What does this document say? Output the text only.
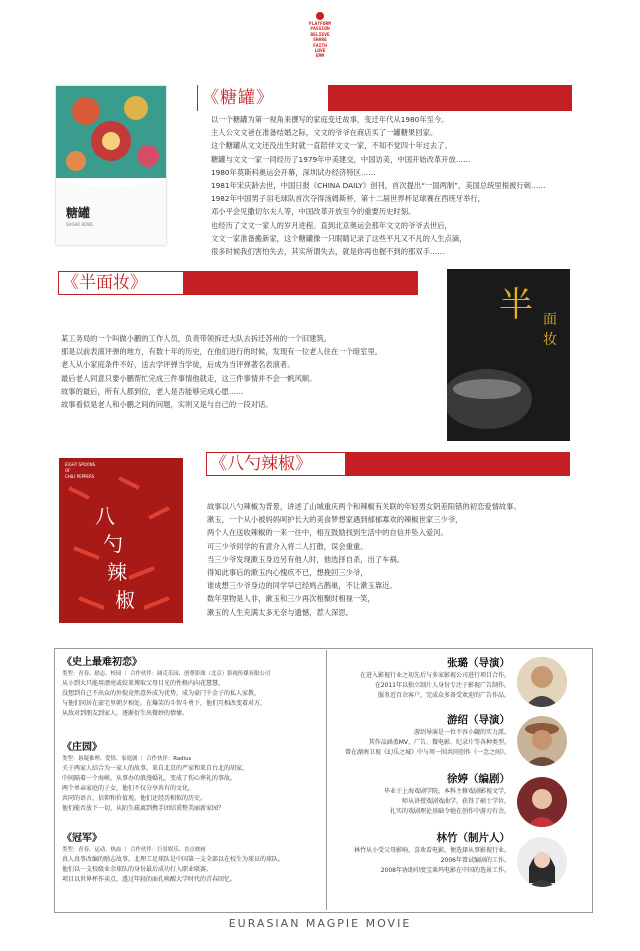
PLATFORM
PASSION
BELIEVE
SHARE
FAITH
LOVE
EMM
糖罐
SUGAR BOWL
《糖罐》
以一个糖罐为第一视角来撰写的家庭变迁故事，变迁年代从1980年至今。
主人公文文爸在准备结婚之际，文文的爷爷在商店买了一罐糖果回家。
这个糖罐从文文还没出生时就一直陪伴文文一家，不知不觉四十年过去了。
糖罐与文文一家一同经历了1979年中美建交，中国访美，中国开始改革开放……
1980年莫斯科奥运会开幕，深圳试办经济特区……
1981年宋庆龄去世，中国日报《CHINA DAILY》创刊，首次提出“一国两制”，美国总统里根被行刺……
1982年中国男子羽毛球队首次夺得汤姆斯杯，第十二届世界杯足球赛在西班牙举行，
邓小平会见撒切尔夫人等，中国改革开放至今的重要历史时刻。
也经历了文文一家人的岁月进程。直到北京奥运会那年文文的爷爷去世后，
文文一家准备搬新家，这个糖罐像一只眼睛记录了这些平凡又不凡的人生点滴，
很多时候我们害怕失去，其实所谓失去，就是你再也握不到的那双手……
《半面妆》
半 面
妆
某工务局的一个叫做小鹏的工作人员，负责带领拆迁大队去拆迁苏州的一个旧建筑。
那是以前表演评弹的地方，有数十年的历史，在他们进行的时候，发现有一位老人住在一个暗室里。
老人从小家庭条件不好，送去学评弹当学徒，后成为当评弹著名表演者。
最后老人同意只要小鹏帮忙完成三件事情他就走，这三件事情并不会一帆风顺。
故事的最后，所有人都到位，老人是否能够完成心愿……
故事看似是老人和小鹏之间的问题，实则又是与自己的一段对话。
EIGHT SPOONS
OF
CHILI PEPPERS
八
勺
辣
椒
《八勺辣椒》
故事以八勺辣椒为背景，讲述了山城重庆两个和辣椒有关联的年轻男女阴差阳错的初恋爱情故事。
漱玉，一个从小被妈妈呵护长大的美食梦想家遇到郁郁寡欢的辣椒世家三少爷，
两个人在送收辣椒的一来一往中，相互鼓励找到生活中的自信并坠入爱河。
可三少爷同学的有意介入将二人打散，误会重重。
当三少爷发现漱玉身边另有他人时，他选择自杀，出了车祸。
得知此事后的漱玉内心愧疚不已，想挽回三少爷，
谁成想三少爷身边的同学早已经鸠占鹊巢，不让漱玉靠近。
数年里物是人非，漱玉和三少再次相聚时相视一笑，
漱玉的人生充满太多无奈与遗憾，惹人深思。
《史上最难初恋》
类型：青春、励志、校园 ｜ 合作伙伴：阔克乐园、创尊影图（北京）影视传媒有限公司
从小到大只能用漂亮或姣来博取父母目光的性格内向花慧慧，
没想到自己不出众的外貌竟然意外成为优势，成为豪门千金子的私人家教，
与他们同居在豪宅里朝夕相处。在爆笑的斗智斗勇下，他们互相改变着对方，
从敌对到朋友到家人，逐渐衍生出微妙的情愫。
《庄园》
类型：悬疑推理、爱情、家庭剧 ｜ 合作伙伴：Radius
关于两家人结合为一家人的故事。来自北京的严家和来自台北的胡家，
中间隔着一个海峡。从事办的浪漫婚礼，变成了伤心葬礼的事故。
两个单亲家庭的子女，他们不仅分享共有的文化，
共同的语言，信仰和价值观。他们还经历相似的历史。
他们能否放下一切，从陌生疏离到携手团结重整美丽新家园？
《冠军》
类型：青春、运动、热血 ｜ 合作伙伴：巨景娱乐、直点映画
真人真事改编的励志故事。北理工足球队是中国第一支全部以在校生为球员的球队。
他们以一支校级业余球队的身份最后成功打入职业联赛。
项目以世界杯作卖点，透过年轻的面孔唤醒大学时代的青春回忆。
张璐（导演）
在进入影视行业之初先后与多家影视公司进行项目合作。
在2011年以独立制片人身份专注于影视广告制作。
服务近百余客户，完成众多备受欢迎的广告作品。
游绍（导演）
游绍导演是一位不容小觑的实力派。
其作品涵盖MV、广告、微电影、纪录片等各种类型。
曾在湖南卫视《幻乐之城》中与周一围共同创作《一念之间》。
徐婷（编剧）
毕业于上海戏剧学院。本科主修戏剧影视文学，
师从讲授戏剧戏曲学，获得了硕士学位。
扎实的戏剧理论基础令她在创作中游刃有余。
林竹（制片人）
林竹从小受父母影响，喜欢看电影，便选择从事影视行业。
2006年曾试编剧的工作。
2008年协助印度宝莱坞电影在中国的选景工作。
EURASIAN MAGPIE MOVIE
